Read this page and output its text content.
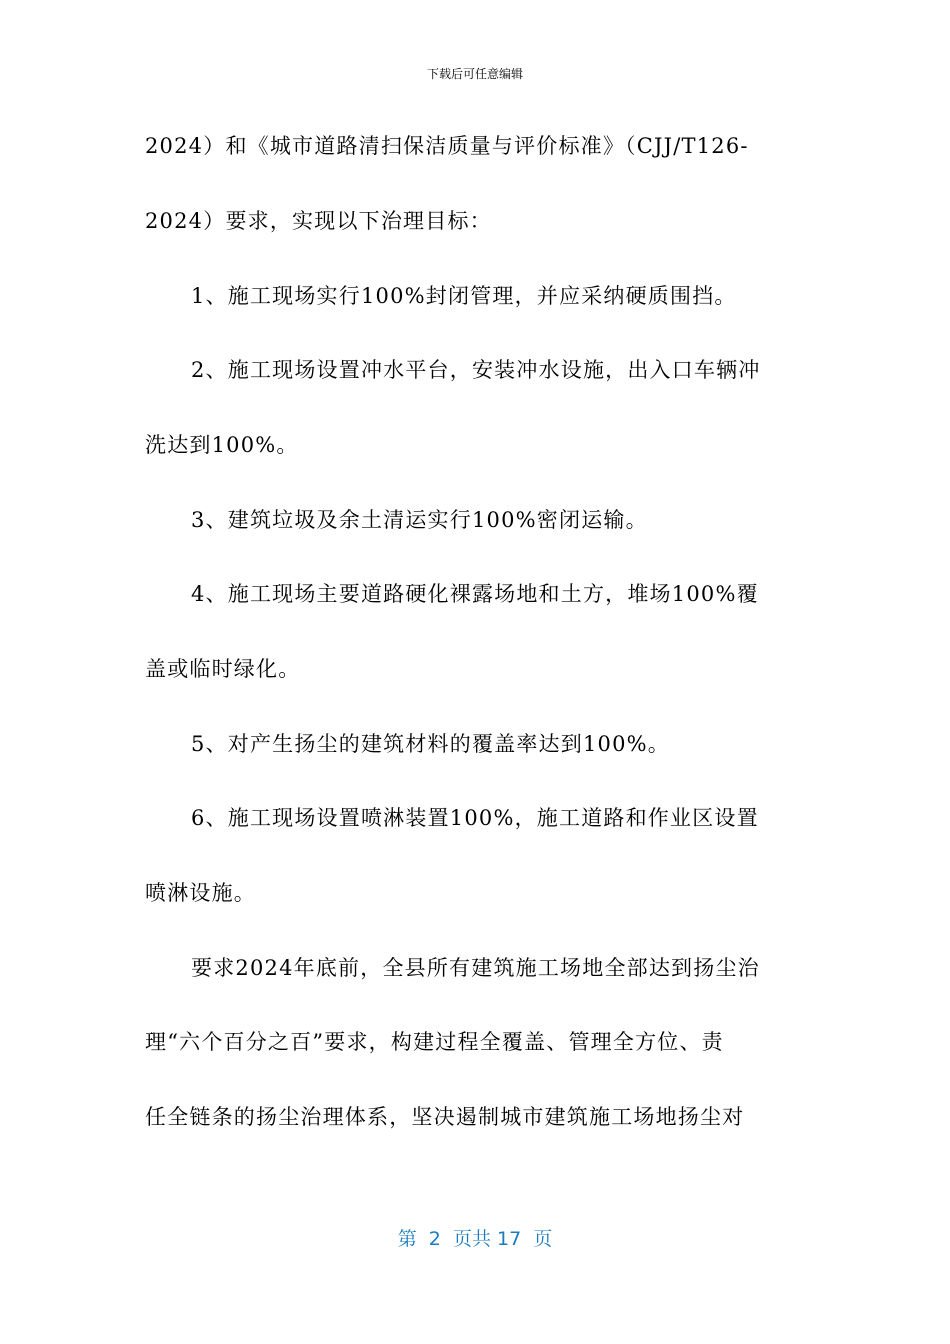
下载后可任意编辑
2024）和《城市道路清扫保洁质量与评价标准》（CJJ/T126-
2024）要求，实现以下治理目标：
1、施工现场实行100%封闭管理，并应采纳硬质围挡。
2、施工现场设置冲水平台，安装冲水设施，出入口车辆冲
洗达到100%。
3、建筑垃圾及余土清运实行100%密闭运输。
4、施工现场主要道路硬化裸露场地和土方，堆场100%覆
盖或临时绿化。
5、对产生扬尘的建筑材料的覆盖率达到100%。
6、施工现场设置喷淋装置100%，施工道路和作业区设置
喷淋设施。
要求2024年底前，全县所有建筑施工场地全部达到扬尘治
理“六个百分之百”要求，构建过程全覆盖、管理全方位、责
任全链条的扬尘治理体系，坚决遏制城市建筑施工场地扬尘对
第  2  页共 17  页
